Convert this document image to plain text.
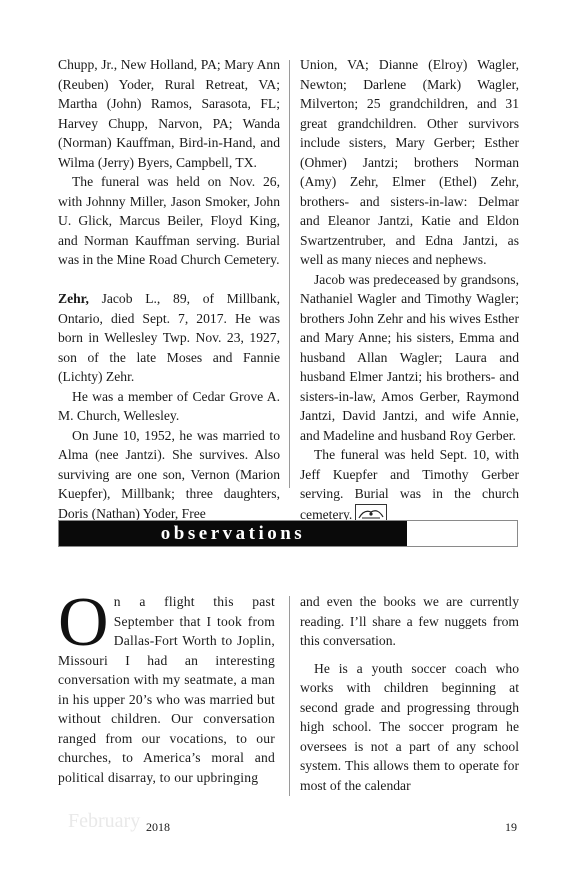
Chupp, Jr., New Holland, PA; Mary Ann (Reuben) Yoder, Rural Retreat, VA; Martha (John) Ramos, Sarasota, FL; Harvey Chupp, Narvon, PA; Wanda (Norman) Kauffman, Bird-in-Hand, and Wilma (Jerry) Byers, Campbell, TX.

The funeral was held on Nov. 26, with Johnny Miller, Jason Smoker, John U. Glick, Marcus Beiler, Floyd King, and Norman Kauffman serving. Burial was in the Mine Road Church Cemetery.

Zehr, Jacob L., 89, of Millbank, Ontario, died Sept. 7, 2017. He was born in Wellesley Twp. Nov. 23, 1927, son of the late Moses and Fannie (Lichty) Zehr.

He was a member of Cedar Grove A. M. Church, Wellesley.

On June 10, 1952, he was married to Alma (nee Jantzi). She survives. Also surviving are one son, Vernon (Marion Kuepfer), Millbank; three daughters, Doris (Nathan) Yoder, Free

Union, VA; Dianne (Elroy) Wagler, Newton; Darlene (Mark) Wagler, Milverton; 25 grandchildren, and 31 great grandchildren. Other survivors include sisters, Mary Gerber; Esther (Ohmer) Jantzi; brothers Norman (Amy) Zehr, Elmer (Ethel) Zehr, brothers- and sisters-in-law: Delmar and Eleanor Jantzi, Katie and Eldon Swartzentruber, and Edna Jantzi, as well as many nieces and nephews.

Jacob was predeceased by grandsons, Nathaniel Wagler and Timothy Wagler; brothers John Zehr and his wives Esther and Mary Anne; his sisters, Emma and husband Allan Wagler; Laura and husband Elmer Jantzi; his brothers- and sisters-in-law, Amos Gerber, Raymond Jantzi, David Jantzi, and wife Annie, and Madeline and husband Roy Gerber.

The funeral was held Sept. 10, with Jeff Kuepfer and Timothy Gerber serving. Burial was in the church cemetery.

observations

On a flight this past September that I took from Dallas-Fort Worth to Joplin, Missouri I had an interesting conversation with my seatmate, a man in his upper 20’s who was married but without children. Our conversation ranged from our vocations, to our churches, to America’s moral and political disarray, to our upbringing

and even the books we are currently reading. I’ll share a few nuggets from this conversation.

He is a youth soccer coach who works with children beginning at second grade and progressing through high school. The soccer program he oversees is not a part of any school system. This allows them to operate for most of the calendar

February 2018	19
